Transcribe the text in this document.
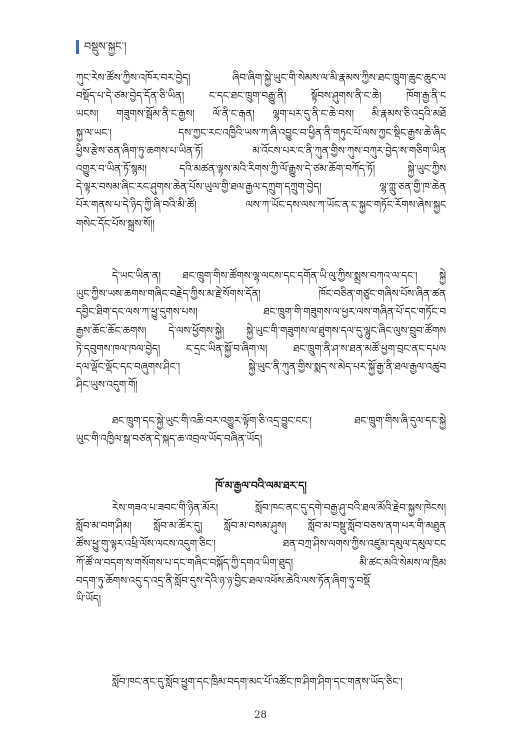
བསྡུས་སྐྱང་།
ཀུང་རེས་ཚོས་ཀྱིས་འཁོར་བར་བྱེད། ཞིབ་ཞིག་སྐྱེ་ཡུང་གི་སེམས་ལ་མི་རྣམས་ཀྱིས་ཐང་ཁྲུག་ཆུང་ཆུང་ལ
བསྡོད་པ་དེ་ཙམ་བྱེད་དོན་ཅི་ཡིན། ང་དང་ཐང་ཁྲུག་བརྒྱུ་ནི། སྟོབས་ཤུགས་ནི་ང་ཆེ། ཁོག་རྒྱ་ནི་ང
ཡངས། གཟུགས་སྦོམ་ནི་ང་རྒྱས། ལོ་ནི་ང་རྒན། ལྷག་པར་དུ་ནི་ང་ཆེ་བས། མི་རྣམས་ཅི་འདྲའི་མཐོ
སྐྱ་ལ་ཡང་། དས་ཀྱང་རང་འཁྱིའི་ཡས་ཀ་ཞི་འབྱུང་བ་ཕྱིན་ནི་གཏུང་པོ་ལས་ཀྱང་སྡིང་རྒྱས་ཆེ་ཞིང
ཕྱིས་རྩེས་ཅན་ཞིག་ཏུ་ཆགས་པ་ཡིན་ཏོ། མ་འོངས་པར་ང་ནི་ཀུན་གྱིས་ཀུས་བཀུར་བྱེད་ས་གཅིག་ཡིན
འགྱུར་བ་ཡིན་ཏོ་སྙམ། དའི་མཚན་ལྟས་མའི་རིགས་ཀྱི་ལོ་རྒྱུས་དེ་ཙམ་ཆོག་བཀོད་ཏོ། སྐྱེ་ཡུང་ཀྱིས
དེ་ལྟར་བསམ་ཞིང་རང་ཤུགས་ཆེན་པོས་ཡུལ་གྱི་ཐལ་རྒྱལ་དཀྲུག་དཀྲུག་བྱེད། ལྷ་ཀླུ་ཅན་གྱི་ཁ་ཆེན
པོར་གནས་པ་དེ་ཉིད་ཀྱི་ཞི་བའི་མི་ཚོ། ལས་ཀ་ཡོང་དས་ལས་ཀ་ཡོང་ན་ང་སྐྱང་གཏོང་རོགས་ཞེས་སྐྱང
གསེང་དོང་པོས་སྐྲས་སོ།།
དེ་ཡང་ཡིན་ན། ཐང་ཁྲུག་གིས་ཚོགས་ལྷ་ལངས་དང་དགོན་ཡི་ལུ་ཀྱིས་སྨྲས་བཀའ་ལ་དང་། སྐྱེ
ཡུང་ཀྱིས་ཡས་ཆགས་གཞིང་བརྗེད་ཀྱིས་མ་རྗེ་སོགས་དོན། ཁོང་བཅིན་གཙུང་གཞིས་པོས་ཞིན་ཚན
དབྱིང་ཐིག་དང་ལས་ཀ་ཕྱུ་དུགས་པས། ཐང་ཁྲུག་གི་གཟུགས་ལ་ཕྱར་ལས་གཞིན་པོ་དང་གཏོང་བ
རྒྱས་ཆོང་ཆོང་ཆགས། དེ་ལས་ཕྱོགས་སྐྱེ། སྐྱེ་ཡུང་གི་གཟུགས་ལ་ཐུགས་དལ་དུ་ལྷུང་ཞིང་ལུས་བྲུབ་ཚོགས
ཏེ་དབུགས་ཁལ་ཁལ་བྱེད། ང་དྲང་ཡིན་སྐྱོ་བ་ཞིག་ལ། ཐང་ཁྲུག་ནི་ཤ་ས་ཐན་མཚོ་ཕྱག་བྲང་ནང་དཔལ
དལ་ལྡོང་ལྡོང་དང་བཞུགས་ཤིང་། སྐྱེ་ཡུང་ནི་ཀུན་གྱིས་སྨད་ས་མེད་པར་སྐྱོ་རྒྱ་ནི་ཐལ་རྒྱལ་འཚུབ
ཤིང་ཡུས་འདུག་གོ།
ཐང་ཁྲུག་དང་སྐྱེ་ཡུང་གི་འཆི་བར་འགྱུར་ལྟོག་ཅི་འདྲ་བྱུང་ངང་། ཐང་ཁྲུག་གིས་ཞི་དུལ་དང་སྐྱེ
ཡུང་གི་འཁྱིལ་སྒ་བཙན་དེ་སྐད་ཆ་འབྲལ་ཡོད་བཞིན་ཡོད།
ཁོ་མ་རྒྱལ་བའི་ལམ་ཐར་ད།
རེས་གཟའ་པ་ཟབང་གི་ཉིན་མོར། སློབ་ཁང་ནང་དུ་དགེ་བརྒྱ་ཤུ་བའི་ཐལ་མོའི་རྗེབ་སྐྱས་ཁེངས།
སློབ་མ་བག་ཤིམ། སློབ་མ་ཚོར་དུ། སློབ་མ་བསམ་ཤུས། སློབ་མ་བསྡུ་སློབ་བཅས་ནག་པར་གི་མཐུན
ཚོས་ཕྱུ་གུ་ལྟར་འཕྲི་ལོས་ལངས་འདུག་ཅིང་། ཐན་བཀྲ་ཤིས་ལགས་ཀྱིས་འཛུམ་དམུལ་དམུལ་ངང
ཀོ་ཚོ་ལ་བདག་ས་གསོགས་པ་དང་གཞིང་བསྐོད་ཀྱི་དགའ་ཡིག་ཐུད། མི་ཚང་མའི་སེམས་ལ་ཁྲིམ
བདག་ཏུ་ཆོགས་འདུ་ད་འདྲ་ནི་སློབ་དུས་དེའི་ཉ་ཉ་བྱིང་ཐལ་འཕོས་ཆེའི་ལས་ཏོན་ཞིག་ཏུ་བསྡོ
ཡི་ཡོད།
སློབ་ཁང་ནང་དུ་སློབ་ཕྱུག་དང་ཁྲིམ་བདག་མང་པོ་འཚོང་ཁ་ཤིག་ཤིག་དང་གནས་ཡོད་ཅིང་།
28
